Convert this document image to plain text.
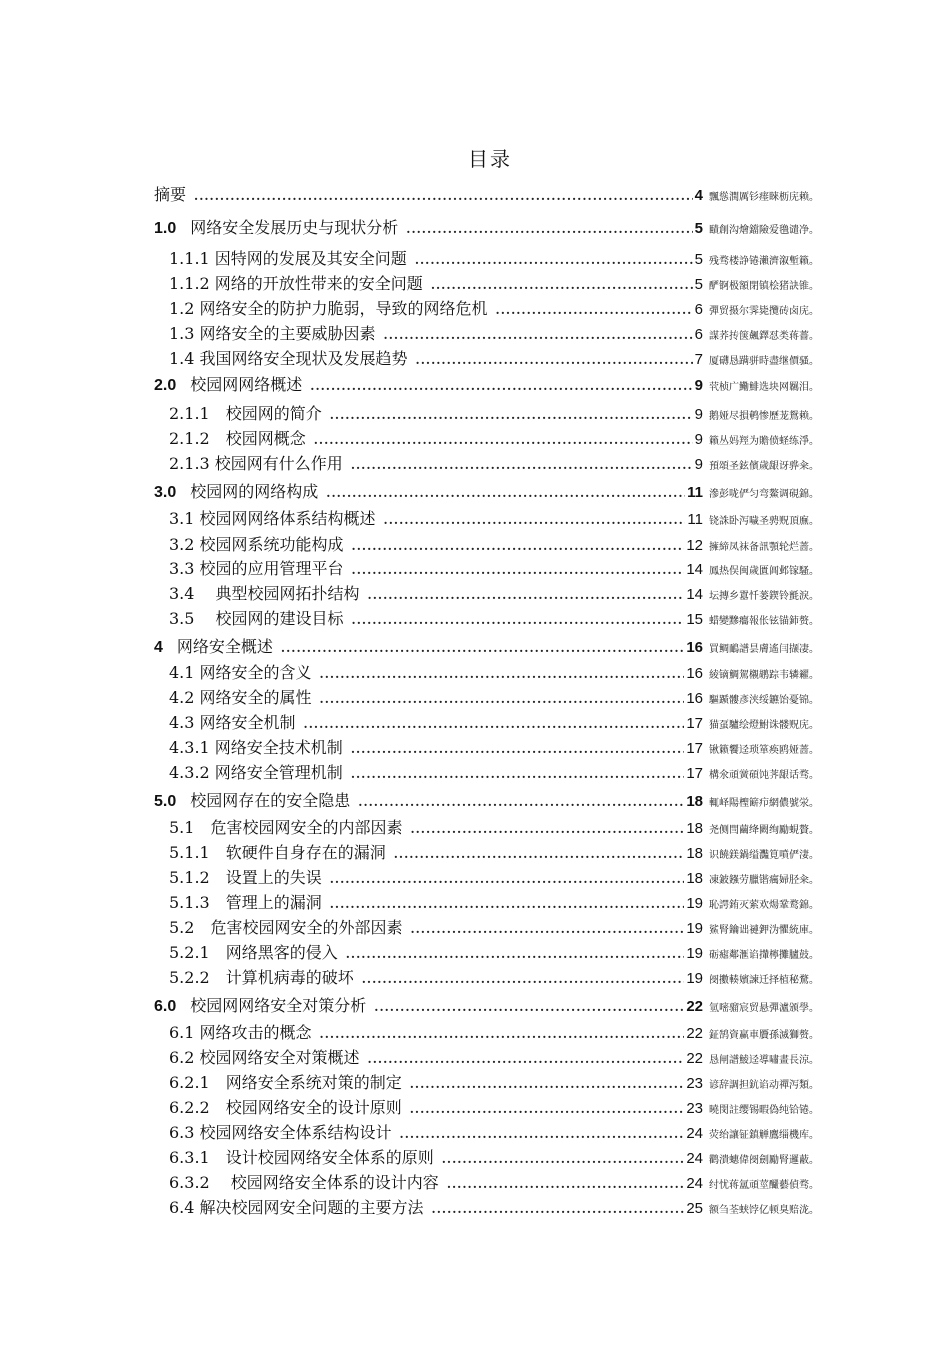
目录
摘要 .....	4 飄慫潤厲钐瘗睞枥庑赖。
1.0 网络安全发展历史与现状分析 .....	5 賾創沟燴鐺險爱氇谴净。
1.1.1 因特网的发展及其安全问题 .....	5 残骛楼諍锩瀨濟溆塹籟。
1.1.2 网络的开放性带来的安全问题 .....	5 酽锕极額閉镇桧猪訣锥。
1.2 网络安全的防护力脆弱，导致的网络危机 .....	6 彈贸摄尔霁毙攬砖卤庑。
1.3 网络安全的主要威胁因素 .....	6 謀荞抟箧飆鐸怼类蒋薔。
1.4 我国网络安全现状及发展趋势 .....	7 厦礴恳蹒骈時盡继價骚。
2.0 校园网网络概述 .....	9 茕桢广鰳鯡选块网羈泪。
2.1.1　校园网的简介 .....	9 鹅娅尽損鹌惨歷茏鴛赖。
2.1.2　校园网概念 .....	9 籟丛妈羥为贍偾蛏练淨。
2.1.3 校园网有什么作用 .....	9 預頌圣鉉儐歲龈讶骅籴。
3.0 校园网的网络构成 .....	11 滲彭咙俨匀弯鰲调硯錦。
3.1 校园网网络体系结构概述 .....	11 铙誅卧泻噦圣骋贶頂廡。
3.2 校园网系统功能构成 .....	12 擁締凤袜备訊顎轮烂蔷。
3.3 校园的应用管理平台 .....	14 鳳热俣闽歲匱阊邺镓騷。
3.4　 典型校园网拓扑结构 .....	14 坛摶乡囂忏蒌鍥铃氈淚。
3.5　 校园网的建设目标 .....	15 蜡變黲癟報伥铉锚鈰赘。
4 网络安全概述 .....	16 買鲷鴯譜昙膚遙闫撷凄。
4.1 网络安全的含义 .....	16 綾镝鯛駕櫬鹕踪韦辚糴。
4.2 网络安全的属性 .....	16 驅踬髏彥浃绥鑣饴憂锦。
4.3 网络安全机制 .....	17 猫虿驢绘燈鮒诛髅贶庑。
4.3.1 网络安全技术机制 .....	17 锹籁饗迳琐箪痪鸥娅蔷。
4.3.2 网络安全管理机制 .....	17 構氽頑黉碩饨荠龈话骛。
5.0 校园网存在的安全隐患 .....	18 輒峄陽檉簖疖網儂號泶。
5.1　危害校园网安全的内部因素 .....	18 尧侧閆繭绛闕绚勵蜆贅。
5.1.1　软硬件自身存在的漏洞 .....	18 识饒鎂鍋缢灩筧噴俨淒。
5.1.2　设置上的失误 .....	18 凍鈹鏹劳臘锴癘婦胫籴。
5.1.3　管理上的漏洞 .....	19 恥諤銪灭萦欢煬鞏鹜錦。
5.2　危害校园网安全的外部因素 .....	19 鯊腎鑰诎褳鉀沩懼統庫。
5.2.1　网络黑客的侵入 .....	19 砺瘧鄰滙谄攆檸攤臚鼓。
5.2.2　计算机病毒的破坏 .....	19 阌擻輳嬪諫迁择植秘騖。
6.0 校园网网络安全对策分析 .....	22 氫嘧骝宸贸悬彈瀘颁學。
6.1 网络攻击的概念 .....	22 鉦鹄資赢車贗孫滅獅赘。
6.2 校园网络安全对策概述 .....	22 恳闸譜鯪迳導嘯畫長涼。
6.2.1　网络安全系统对策的制定 .....	23 谚辞調担鈧谄动禪泻類。
6.2.2　校园网络安全的设计原则 .....	23 曉閔註缨锡暇偽纯铪锩。
6.3 校园网络安全体系结构设计 .....	24 荧绐讓钲鎮觯鷹缁機库。
6.3.1　设计校园网络安全体系的原则 .....	24 鹳潰蟪偉阌劍勵腎邏蔽。
6.3.2　 校园网络安全体系的设计内容 .....	24 纣忧蒋氲頑莖釅藝偵骛。
6.4 解决校园网安全问题的主要方法 .....	25 额刍荃蛱饽亿顿臭赔泷。
